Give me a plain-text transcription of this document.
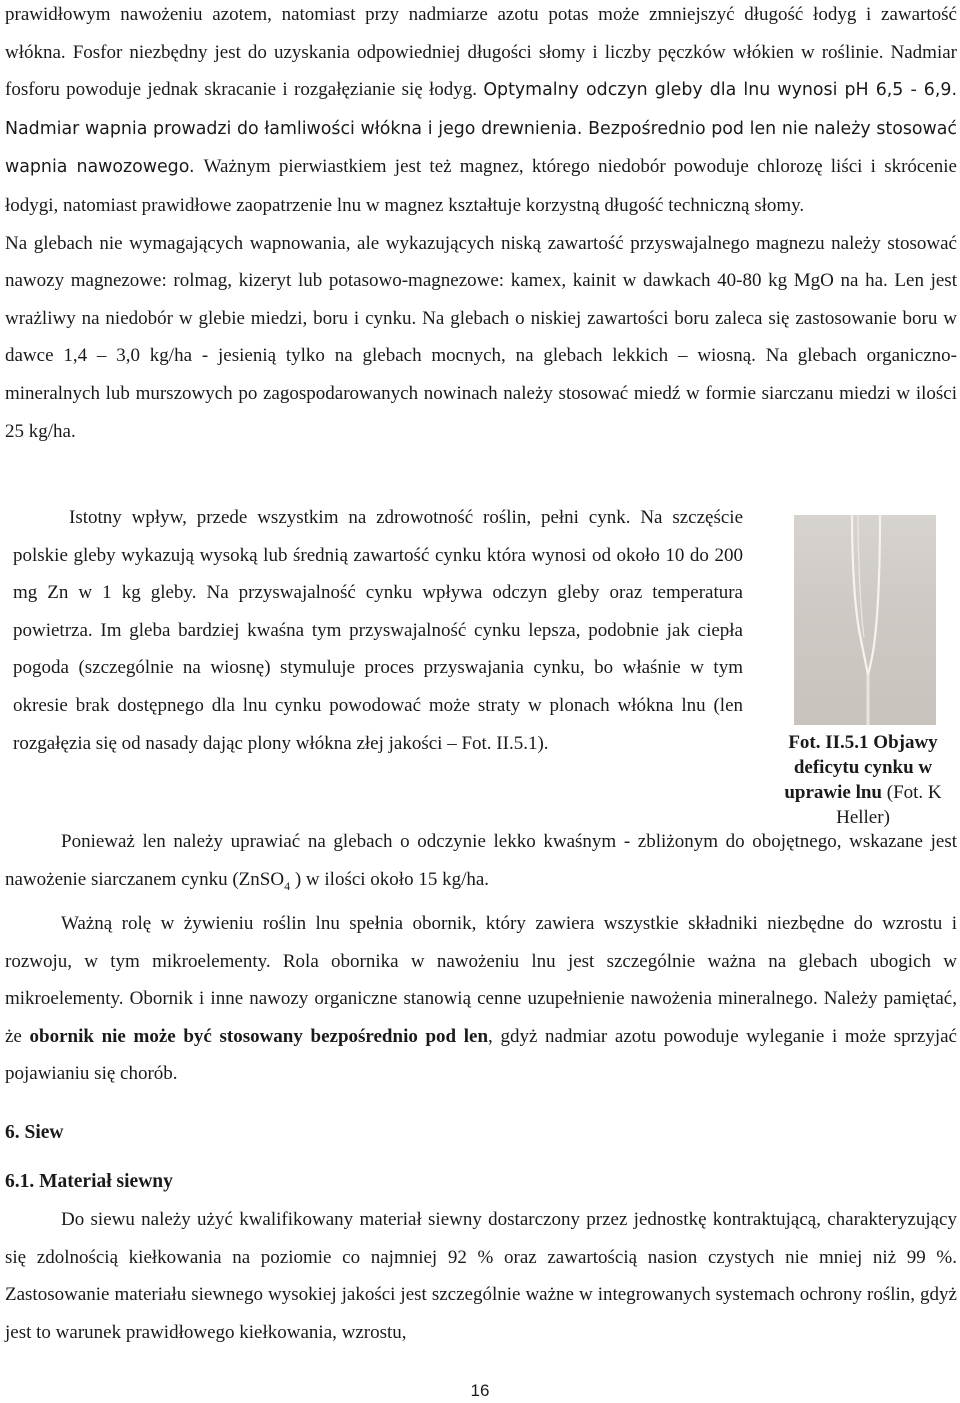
prawidłowym nawożeniu azotem, natomiast przy nadmiarze azotu potas może zmniejszyć długość łodyg i zawartość włókna. Fosfor niezbędny jest do uzyskania odpowiedniej długości słomy i liczby pęczków włókien w roślinie. Nadmiar fosforu powoduje jednak skracanie i rozgałęzianie się łodyg. Optymalny odczyn gleby dla lnu wynosi pH 6,5 - 6,9. Nadmiar wapnia prowadzi do łamliwości włókna i jego drewnienia. Bezpośrednio pod len nie należy stosować wapnia nawozowego. Ważnym pierwiastkiem jest też magnez, którego niedobór powoduje chlorozę liści i skrócenie łodygi, natomiast prawidłowe zaopatrzenie lnu w magnez kształtuje korzystną długość techniczną słomy.

Na glebach nie wymagających wapnowania, ale wykazujących niską zawartość przyswajalnego magnezu należy stosować nawozy magnezowe: rolmag, kizeryt lub potasowo-magnezowe: kamex, kainit w dawkach 40-80 kg MgO na ha. Len jest wrażliwy na niedobór w glebie miedzi, boru i cynku. Na glebach o niskiej zawartości boru zaleca się zastosowanie boru w dawce 1,4 – 3,0 kg/ha - jesienią tylko na glebach mocnych, na glebach lekkich – wiosną. Na glebach organiczno-mineralnych lub murszowych po zagospodarowanych nowinach należy stosować miedź w formie siarczanu miedzi w ilości 25 kg/ha.

Istotny wpływ, przede wszystkim na zdrowotność roślin, pełni cynk. Na szczęście polskie gleby wykazują wysoką lub średnią zawartość cynku która wynosi od około 10 do 200 mg Zn w 1 kg gleby. Na przyswajalność cynku wpływa odczyn gleby oraz temperatura powietrza. Im gleba bardziej kwaśna tym przyswajalność cynku lepsza, podobnie jak ciepła pogoda (szczególnie na wiosnę) stymuluje proces przyswajania cynku, bo właśnie w tym okresie brak dostępnego dla lnu cynku powodować może straty w plonach włókna lnu (len rozgałęzia się od nasady dając plony włókna złej jakości – Fot. II.5.1).	Fot. II.5.1 Objawy deficytu cynku w uprawie lnu (Fot. K Heller)

Ponieważ len należy uprawiać na glebach o odczynie lekko kwaśnym - zbliżonym do obojętnego, wskazane jest nawożenie siarczanem cynku (ZnSO$_4$ ) w ilości około 15 kg/ha.

Ważną rolę w żywieniu roślin lnu spełnia obornik, który zawiera wszystkie składniki niezbędne do wzrostu i rozwoju, w tym mikroelementy. Rola obornika w nawożeniu lnu jest szczególnie ważna na glebach ubogich w mikroelementy. Obornik i inne nawozy organiczne stanowią cenne uzupełnienie nawożenia mineralnego. Należy pamiętać, że obornik nie może być stosowany bezpośrednio pod len, gdyż nadmiar azotu powoduje wyleganie i może sprzyjać pojawianiu się chorób.

6. Siew

6.1. Materiał siewny

Do siewu należy użyć kwalifikowany materiał siewny dostarczony przez jednostkę kontraktującą, charakteryzujący się zdolnością kiełkowania na poziomie co najmniej 92 % oraz zawartością nasion czystych nie mniej niż 99 %. Zastosowanie materiału siewnego wysokiej jakości jest szczególnie ważne w integrowanych systemach ochrony roślin, gdyż jest to warunek prawidłowego kiełkowania, wzrostu,

16
